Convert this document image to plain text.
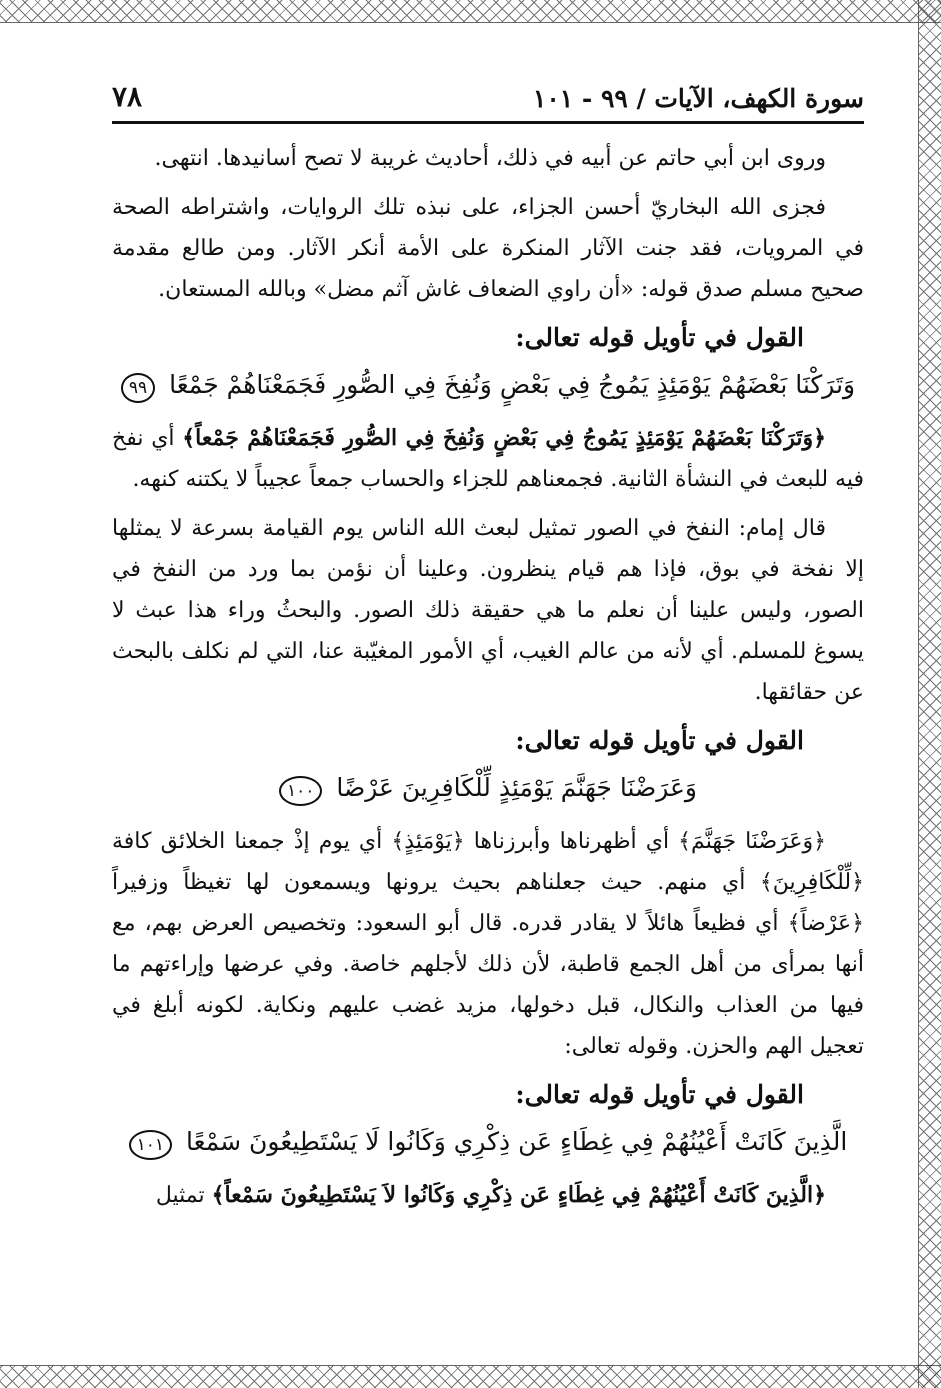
سورة الكهف، الآيات / ٩٩ - ١٠١
٧٨

وروى ابن أبي حاتم عن أبيه في ذلك، أحاديث غريبة لا تصح أسانيدها. انتهى.

فجزى الله البخاريّ أحسن الجزاء، على نبذه تلك الروايات، واشتراطه الصحة في المرويات، فقد جنت الآثار المنكرة على الأمة أنكر الآثار. ومن طالع مقدمة صحيح مسلم صدق قوله: «أن راوي الضعاف غاش آثم مضل» وبالله المستعان.

القول في تأويل قوله تعالى:
وَتَرَكْنَا بَعْضَهُمْ يَوْمَئِذٍ يَمُوجُ فِي بَعْضٍ وَنُفِخَ فِي الصُّورِ فَجَمَعْنَاهُمْ جَمْعًا ٩٩

﴿وَتَرَكْنَا بَعْضَهُمْ يَوْمَئِذٍ يَمُوجُ فِي بَعْضٍ وَنُفِخَ فِي الصُّورِ فَجَمَعْنَاهُمْ جَمْعاً﴾ أي نفخ فيه للبعث في النشأة الثانية. فجمعناهم للجزاء والحساب جمعاً عجيباً لا يكتنه كنهه.

قال إمام: النفخ في الصور تمثيل لبعث الله الناس يوم القيامة بسرعة لا يمثلها إلا نفخة في بوق، فإذا هم قيام ينظرون. وعلينا أن نؤمن بما ورد من النفخ في الصور، وليس علينا أن نعلم ما هي حقيقة ذلك الصور. والبحثُ وراء هذا عبث لا يسوغ للمسلم. أي لأنه من عالم الغيب، أي الأمور المغيّبة عنا، التي لم نكلف بالبحث عن حقائقها.

القول في تأويل قوله تعالى:
وَعَرَضْنَا جَهَنَّمَ يَوْمَئِذٍ لِّلْكَافِرِينَ عَرْضًا ١٠٠

﴿وَعَرَضْنَا جَهَنَّمَ﴾ أي أظهرناها وأبرزناها ﴿يَوْمَئِذٍ﴾ أي يوم إذْ جمعنا الخلائق كافة ﴿لِّلْكَافِرِينَ﴾ أي منهم. حيث جعلناهم بحيث يرونها ويسمعون لها تغيظاً وزفيراً ﴿عَرْضاً﴾ أي فظيعاً هائلاً لا يقادر قدره. قال أبو السعود: وتخصيص العرض بهم، مع أنها بمرأى من أهل الجمع قاطبة، لأن ذلك لأجلهم خاصة. وفي عرضها وإراءتهم ما فيها من العذاب والنكال، قبل دخولها، مزيد غضب عليهم ونكاية. لكونه أبلغ في تعجيل الهم والحزن. وقوله تعالى:

القول في تأويل قوله تعالى:
الَّذِينَ كَانَتْ أَعْيُنُهُمْ فِي غِطَاءٍ عَن ذِكْرِي وَكَانُوا لَا يَسْتَطِيعُونَ سَمْعًا ١٠١

﴿الَّذِينَ كَانَتْ أَعْيُنُهُمْ فِي غِطَاءٍ عَن ذِكْرِي وَكَانُوا لاَ يَسْتَطِيعُونَ سَمْعاً﴾ تمثيل
